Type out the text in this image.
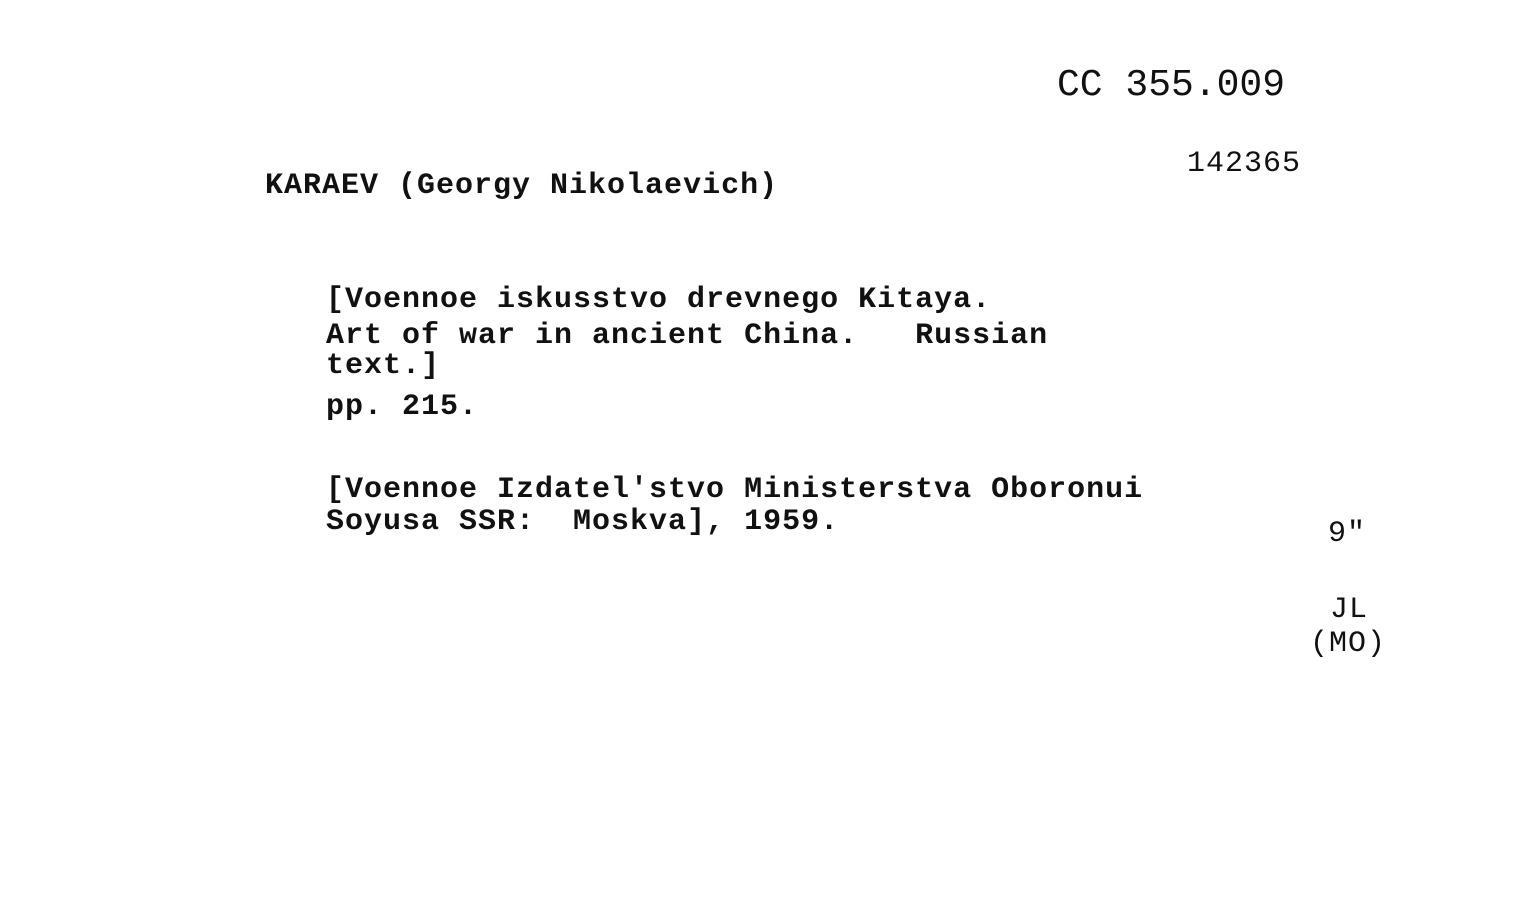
CC 355.009
142365
KARAEV (Georgy Nikolaevich)
[Voennoe iskusstvo drevnego Kitaya.
Art of war in ancient China.   Russian
text.]
pp. 215.
[Voennoe Izdatel'stvo Ministerstva Oboronui
Soyusa SSR:  Moskva], 1959.	9"
JL
(MO)
